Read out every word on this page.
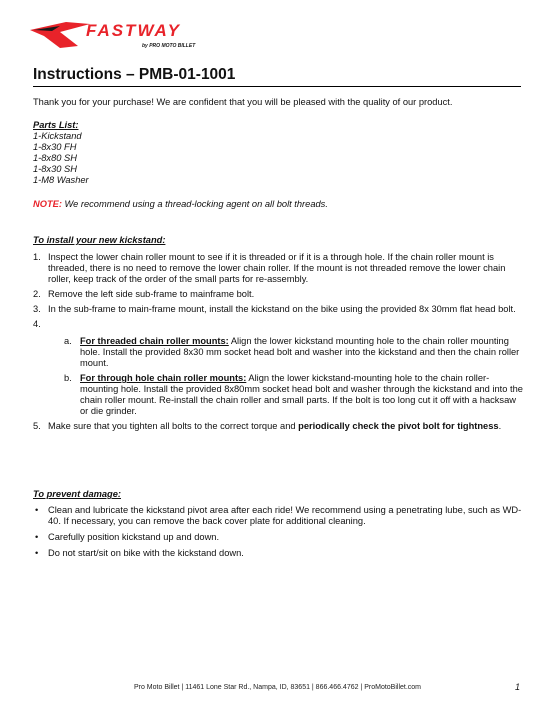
FASTWAY
by PRO MOTO BILLET
Instructions – PMB-01-1001
Thank you for your purchase! We are confident that you will be pleased with the quality of our product.
Parts List:
1-Kickstand
1-8x30 FH
1-8x80 SH
1-8x30 SH
1-M8 Washer
NOTE: We recommend using a thread-locking agent on all bolt threads.
To install your new kickstand:
1. Inspect the lower chain roller mount to see if it is threaded or if it is a through hole. If the chain roller mount is threaded, there is no need to remove the lower chain roller. If the mount is not threaded remove the lower chain roller, keep track of the order of the small parts for re-assembly.
2. Remove the left side sub-frame to mainframe bolt.
3. In the sub-frame to main-frame mount, install the kickstand on the bike using the provided 8x 30mm flat head bolt.
4.

a. For threaded chain roller mounts: Align the lower kickstand mounting hole to the chain roller mounting hole. Install the provided 8x30 mm socket head bolt and washer into the kickstand and then the chain roller mount.
b. For through hole chain roller mounts: Align the lower kickstand-mounting hole to the chain roller-mounting hole. Install the provided 8x80mm socket head bolt and washer through the kickstand and into the chain roller mount. Re-install the chain roller and small parts. If the bolt is too long cut it off with a hacksaw or die grinder.
5. Make sure that you tighten all bolts to the correct torque and periodically check the pivot bolt for tightness.
To prevent damage:
• Clean and lubricate the kickstand pivot area after each ride! We recommend using a penetrating lube, such as WD-40. If necessary, you can remove the back cover plate for additional cleaning.
• Carefully position kickstand up and down.
• Do not start/sit on bike with the kickstand down.
Pro Moto Billet | 11461 Lone Star Rd., Nampa, ID, 83651 | 866.466.4762 | ProMotoBillet.com	1
